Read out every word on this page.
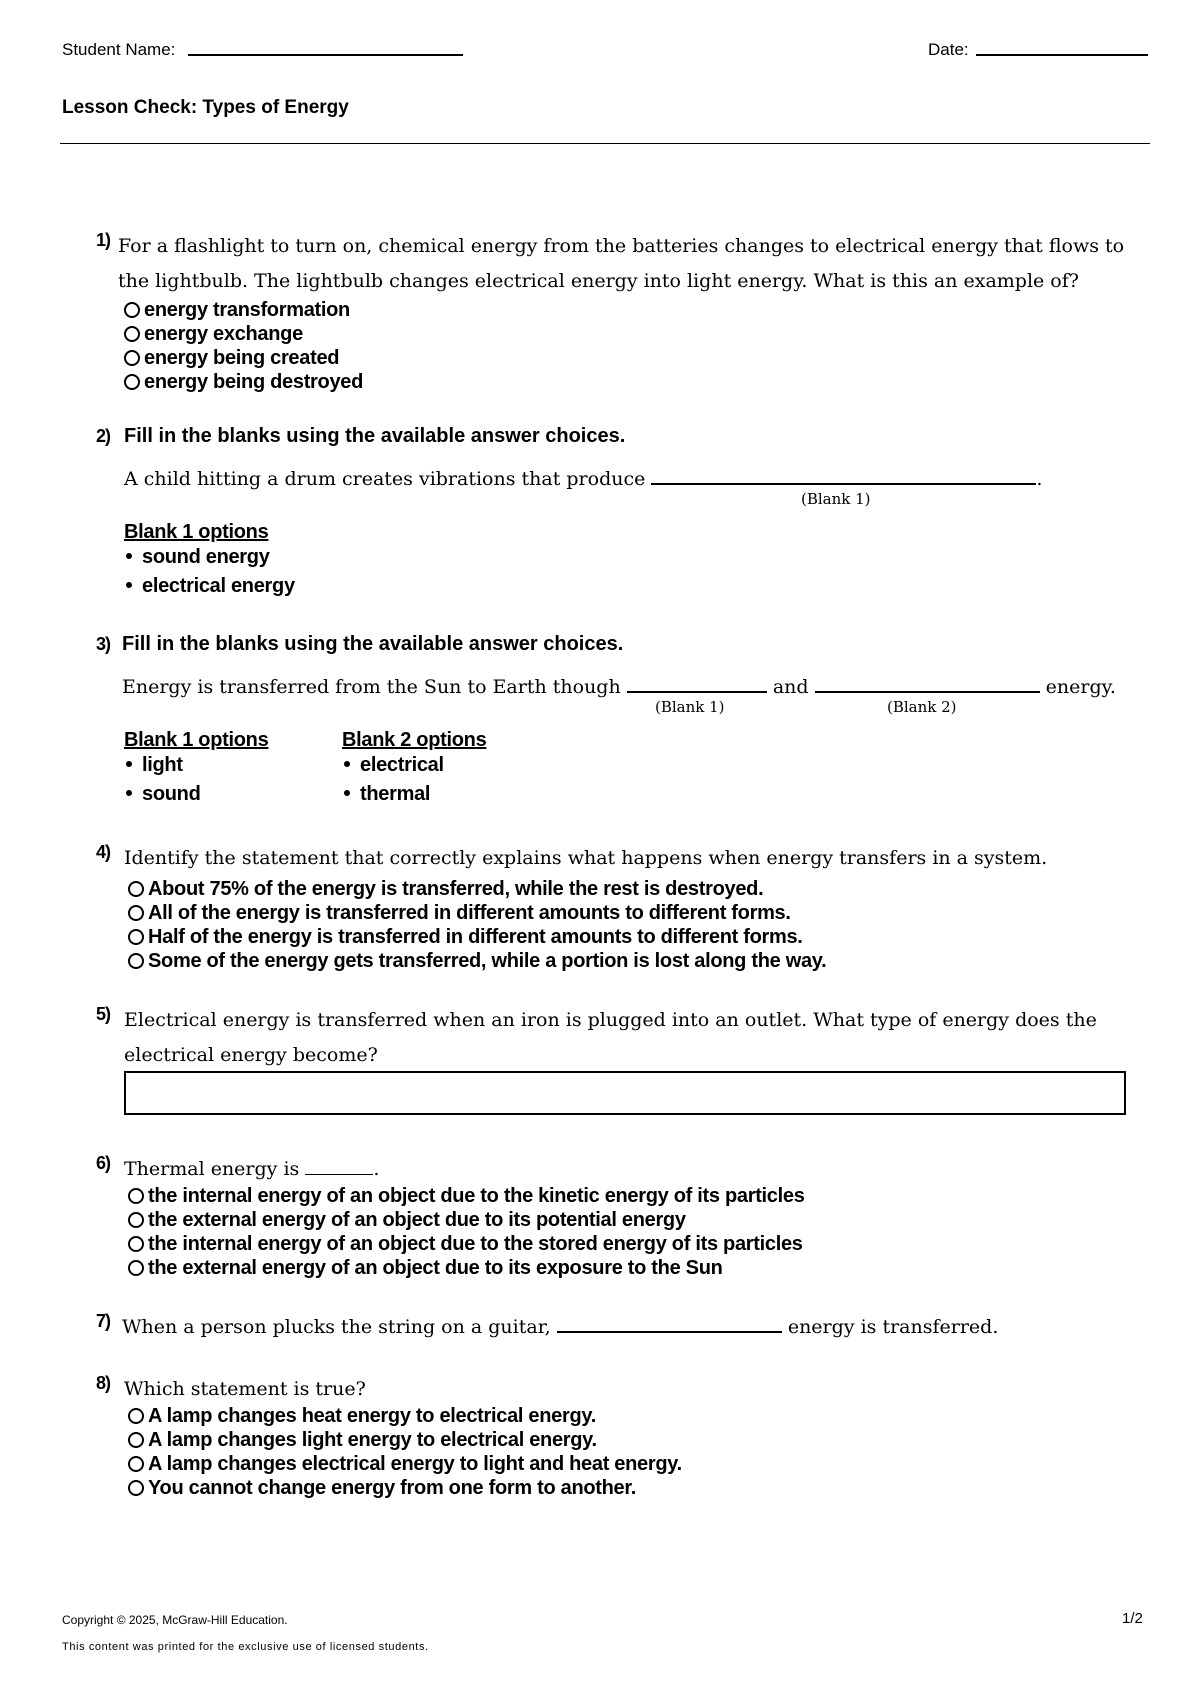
Student Name:	Date:
Lesson Check: Types of Energy
1) For a flashlight to turn on, chemical energy from the batteries changes to electrical energy that flows to
the lightbulb. The lightbulb changes electrical energy into light energy. What is this an example of?
energy transformation
energy exchange
energy being created
energy being destroyed
2) Fill in the blanks using the available answer choices.
A child hitting a drum creates vibrations that produce	.
(Blank 1)
Blank 1 options
sound energy
electrical energy
3) Fill in the blanks using the available answer choices.
Energy is transferred from the Sun to Earth though	and	energy.
(Blank 1)	(Blank 2)
Blank 1 options
light
sound
Blank 2 options
electrical
thermal
4) Identify the statement that correctly explains what happens when energy transfers in a system.
About 75% of the energy is transferred, while the rest is destroyed.
All of the energy is transferred in different amounts to different forms.
Half of the energy is transferred in different amounts to different forms.
Some of the energy gets transferred, while a portion is lost along the way.
5) Electrical energy is transferred when an iron is plugged into an outlet. What type of energy does the
electrical energy become?
6) Thermal energy is	.
the internal energy of an object due to the kinetic energy of its particles
the external energy of an object due to its potential energy
the internal energy of an object due to the stored energy of its particles
the external energy of an object due to its exposure to the Sun
7) When a person plucks the string on a guitar,	energy is transferred.
8) Which statement is true?
A lamp changes heat energy to electrical energy.
A lamp changes light energy to electrical energy.
A lamp changes electrical energy to light and heat energy.
You cannot change energy from one form to another.
Copyright © 2025, McGraw-Hill Education.
This content was printed for the exclusive use of licensed students.
1/2
